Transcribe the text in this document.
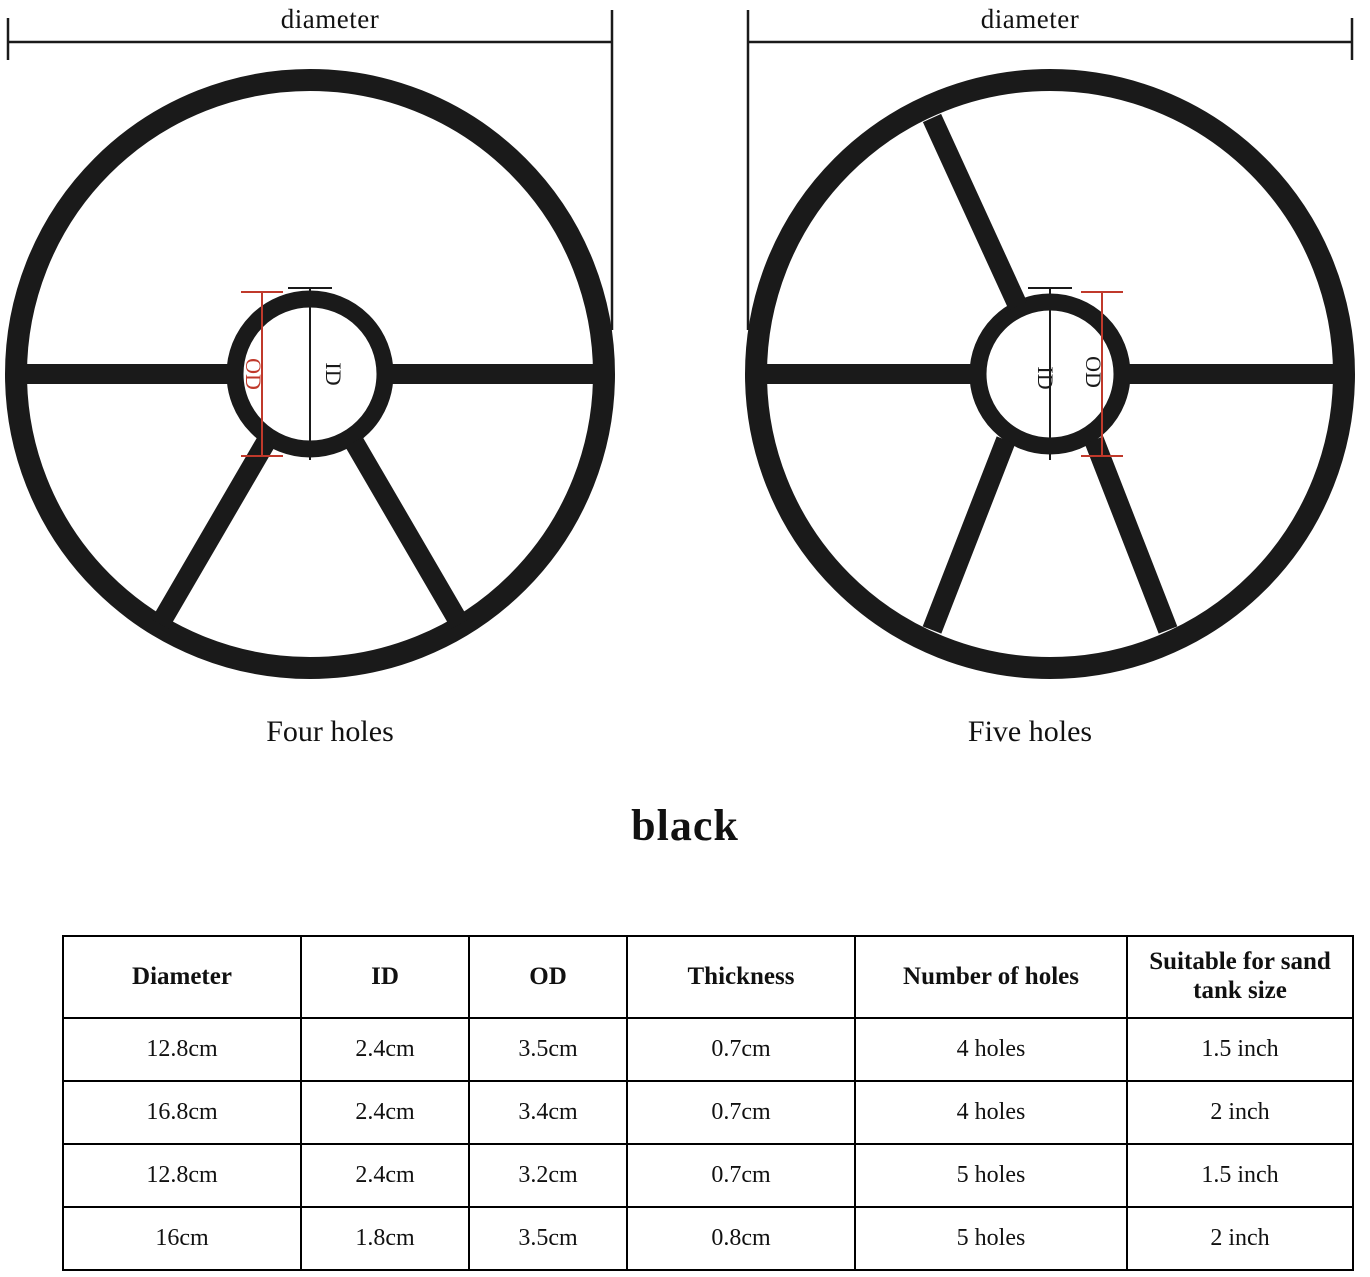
diameter
OD	ID
Four holes
diameter
ID OD
Five holes
black
Diameter	ID	OD	Thickness	Number of holes	Suitable for sand tank size
12.8cm	2.4cm	3.5cm	0.7cm	4 holes	1.5 inch
16.8cm	2.4cm	3.4cm	0.7cm	4 holes	2 inch
12.8cm	2.4cm	3.2cm	0.7cm	5 holes	1.5 inch
16cm	1.8cm	3.5cm	0.8cm	5 holes	2 inch
